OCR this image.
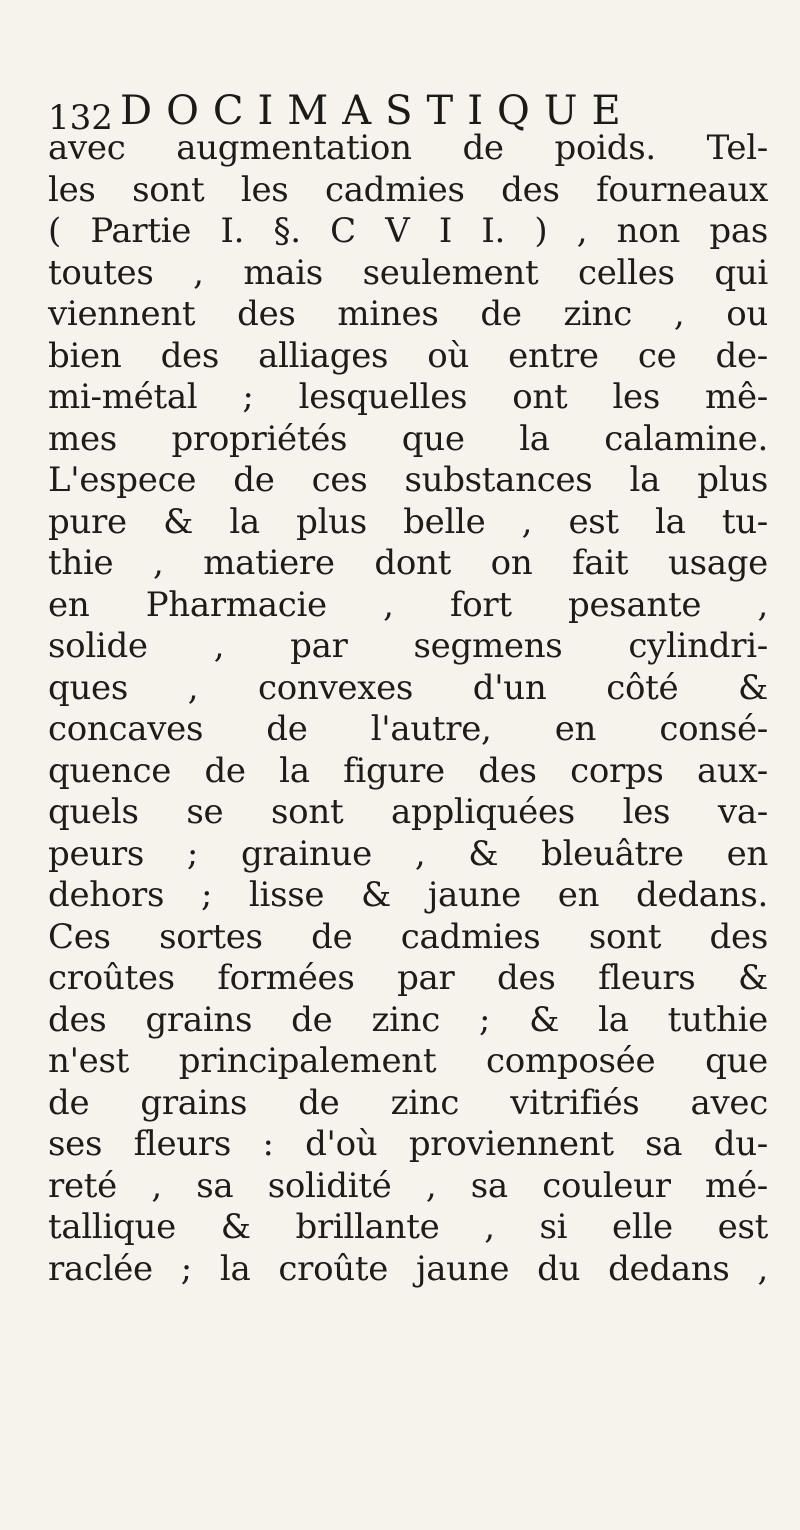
132 DOCIMASTIQUE
avec augmentation de poids. Tel-
les sont les cadmies des fourneaux
( Partie I. §. C V I I. ) , non pas
toutes , mais seulement celles qui
viennent des mines de zinc , ou
bien des alliages où entre ce de-
mi-métal ; lesquelles ont les mê-
mes propriétés que la calamine.
L'espece de ces substances la plus
pure & la plus belle , est la tu-
thie , matiere dont on fait usage
en Pharmacie , fort pesante ,
solide , par segmens cylindri-
ques , convexes d'un côté &
concaves de l'autre, en consé-
quence de la figure des corps aux-
quels se sont appliquées les va-
peurs ; grainue , & bleuâtre en
dehors ; lisse & jaune en dedans.
Ces sortes de cadmies sont des
croûtes formées par des fleurs &
des grains de zinc ; & la tuthie
n'est principalement composée que
de grains de zinc vitrifiés avec
ses fleurs : d'où proviennent sa du-
reté , sa solidité , sa couleur mé-
tallique & brillante , si elle est
raclée ; la croûte jaune du dedans ,
